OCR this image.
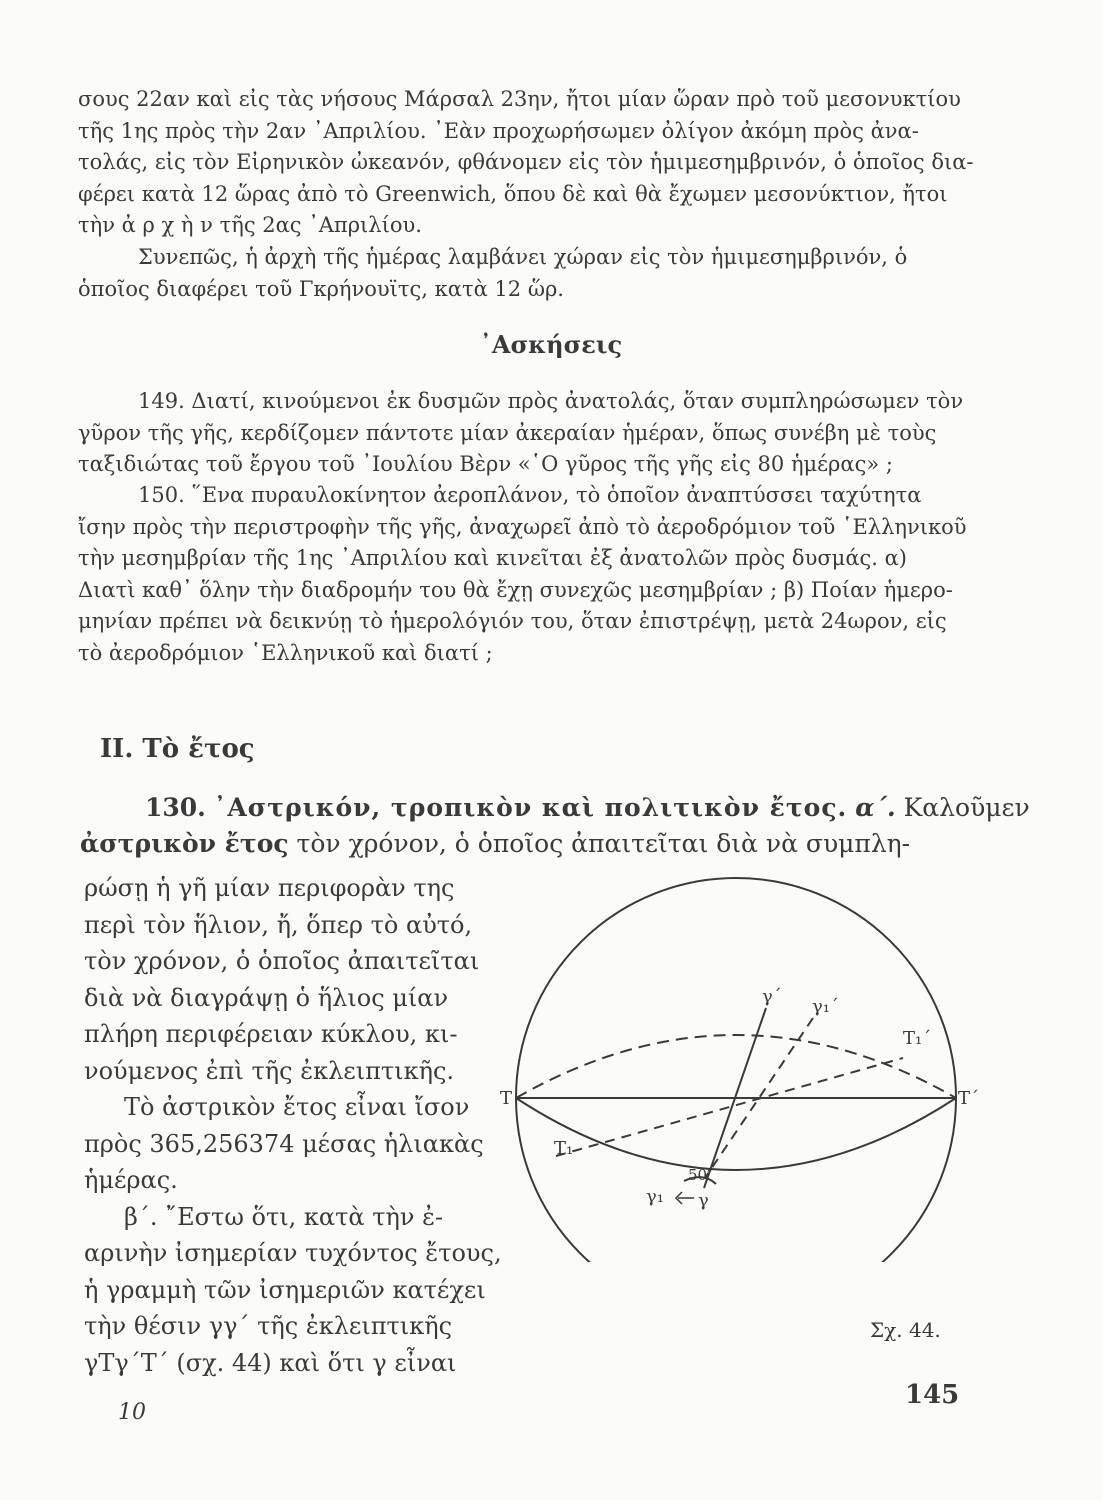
σους 22αν καὶ εἰς τὰς νήσους Μάρσαλ 23ην, ἤτοι μίαν ὥραν πρὸ τοῦ μεσονυκτίου
τῆς 1ης πρὸς τὴν 2αν ᾿Απριλίου. ᾿Εὰν προχωρήσωμεν ὀλίγον ἀκόμη πρὸς ἀνα-
τολάς, εἰς τὸν Εἰρηνικὸν ὠκεανόν, φθάνομεν εἰς τὸν ἡμιμεσημβρινόν, ὁ ὁποῖος δια-
φέρει κατὰ 12 ὥρας ἀπὸ τὸ Greenwich, ὅπου δὲ καὶ θὰ ἔχωμεν μεσονύκτιον, ἤτοι
τὴν ἀ ρ χ ὴ ν τῆς 2ας ᾿Απριλίου.
Συνεπῶς, ἡ ἀρχὴ τῆς ἡμέρας λαμβάνει χώραν εἰς τὸν ἡμιμεσημβρινόν, ὁ
ὁποῖος διαφέρει τοῦ Γκρήνουϊτς, κατὰ 12 ὥρ.
᾿Ασκήσεις
149. Διατί, κινούμενοι ἐκ δυσμῶν πρὸς ἀνατολάς, ὅταν συμπληρώσωμεν τὸν
γῦρον τῆς γῆς, κερδίζομεν πάντοτε μίαν ἀκεραίαν ἡμέραν, ὅπως συνέβη μὲ τοὺς
ταξιδιώτας τοῦ ἔργου τοῦ ᾿Ιουλίου Βὲρν «῾Ο γῦρος τῆς γῆς εἰς 80 ἡμέρας» ;
150. ῞Ενα πυραυλοκίνητον ἀεροπλάνον, τὸ ὁποῖον ἀναπτύσσει ταχύτητα
ἴσην πρὸς τὴν περιστροφὴν τῆς γῆς, ἀναχωρεῖ ἀπὸ τὸ ἀεροδρόμιον τοῦ ῾Ελληνικοῦ
τὴν μεσημβρίαν τῆς 1ης ᾿Απριλίου καὶ κινεῖται ἐξ ἀνατολῶν πρὸς δυσμάς. α)
Διατὶ καθ᾿ ὅλην τὴν διαδρομήν του θὰ ἔχῃ συνεχῶς μεσημβρίαν ; β) Ποίαν ἡμερο-
μηνίαν πρέπει νὰ δεικνύῃ τὸ ἡμερολόγιόν του, ὅταν ἐπιστρέψῃ, μετὰ 24ωρον, εἰς
τὸ ἀεροδρόμιον ῾Ελληνικοῦ καὶ διατί ;
ΙΙ. Τὸ ἔτος
130. ᾿Αστρικόν, τροπικὸν καὶ πολιτικὸν ἔτος. α΄. Καλοῦμεν
ἀστρικὸν ἔτος τὸν χρόνον, ὁ ὁποῖος ἀπαιτεῖται διὰ νὰ συμπλη-
ρώσῃ ἡ γῆ μίαν περιφορὰν της
περὶ τὸν ἥλιον, ἤ, ὅπερ τὸ αὐτό,
τὸν χρόνον, ὁ ὁποῖος ἀπαιτεῖται
διὰ νὰ διαγράψῃ ὁ ἥλιος μίαν
πλήρη περιφέρειαν κύκλου, κι-
νούμενος ἐπὶ τῆς ἐκλειπτικῆς.
Τὸ ἀστρικὸν ἔτος εἶναι ἴσον
πρὸς 365,256374 μέσας ἡλιακὰς
ἡμέρας.
β΄. ῎Εστω ὅτι, κατὰ τὴν ἐ-
αρινὴν ἰσημερίαν τυχόντος ἔτους,
ἡ γραμμὴ τῶν ἰσημεριῶν κατέχει
τὴν θέσιν γγ΄ τῆς ἐκλειπτικῆς
γΤγ΄Τ΄ (σχ. 44) καὶ ὅτι γ εἶναι
Τ	Τ΄
γ΄ γ₁΄
Τ₁΄
Τ₁
50″
γ₁ γ
Σχ. 44.
145
10
